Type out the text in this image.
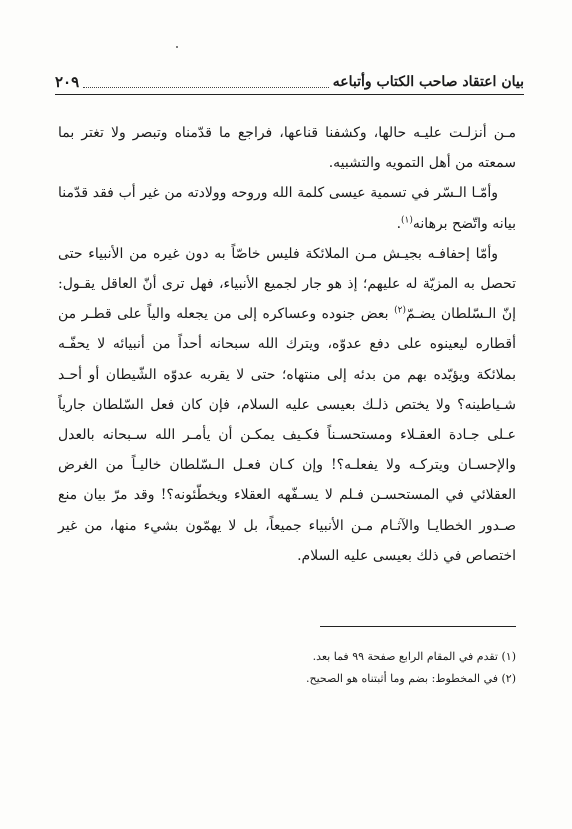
بيان اعتقاد صاحب الكتاب وأتباعه
٢٠٩

مـن أنزلـت عليـه حالها، وكشفنا قناعها، فراجع ما قدّمناه وتبصر ولا تغتر بما سمعته من أهل التمويه والتشبيه.

وأمّـا الـسّر في تسمية عيسى كلمة الله وروحه وولادته من غير أب فقد قدّمنا بيانه واتّضح برهانه$^{(١)}$.

وأمّا إحفافـه بجيـش مـن الملائكة فليس خاصّاً به دون غيره من الأنبياء حتى تحصل به المزيّة له عليهم؛ إذ هو جار لجميع الأنبياء، فهل ترى أنّ العاقل يقـول: إنّ الـسّلطان يضـمّ$^{(٢)}$ بعض جنوده وعساكره إلى من يجعله والياً على قطـر من أقطاره ليعينوه على دفع عدوّه، ويترك الله سبحانه أحداً من أنبيائه لا يحفّـه بملائكة ويؤيّده بهم من بدئه إلى منتهاه؛ حتى لا يقربه عدوّه الشّيطان أو أحـد شـياطينه؟ ولا يختص ذلـك بعيسى عليه السلام، فإن كان فعل السّلطان جارياً عـلى جـادة العقـلاء ومستحسـناً فكـيف يمكـن أن يأمـر الله سـبحانه بالعدل والإحسـان ويتركـه ولا يفعلـه؟! وإن كـان فعـل الـسّلطان خاليـاً من الغرض العقلائي في المستحسـن فـلم لا يسـفّهه العقلاء ويخطّئونه؟! وقد مرّ بيان منع صـدور الخطايـا والآثـام مـن الأنبياء جميعاً، بل لا يهمّون بشيء منها، من غير اختصاص في ذلك بعيسى عليه السلام.

(١) تقدم في المقام الرابع صفحة ٩٩ فما بعد.
(٢) في المخطوط: بضم وما أثبتناه هو الصحيح.
